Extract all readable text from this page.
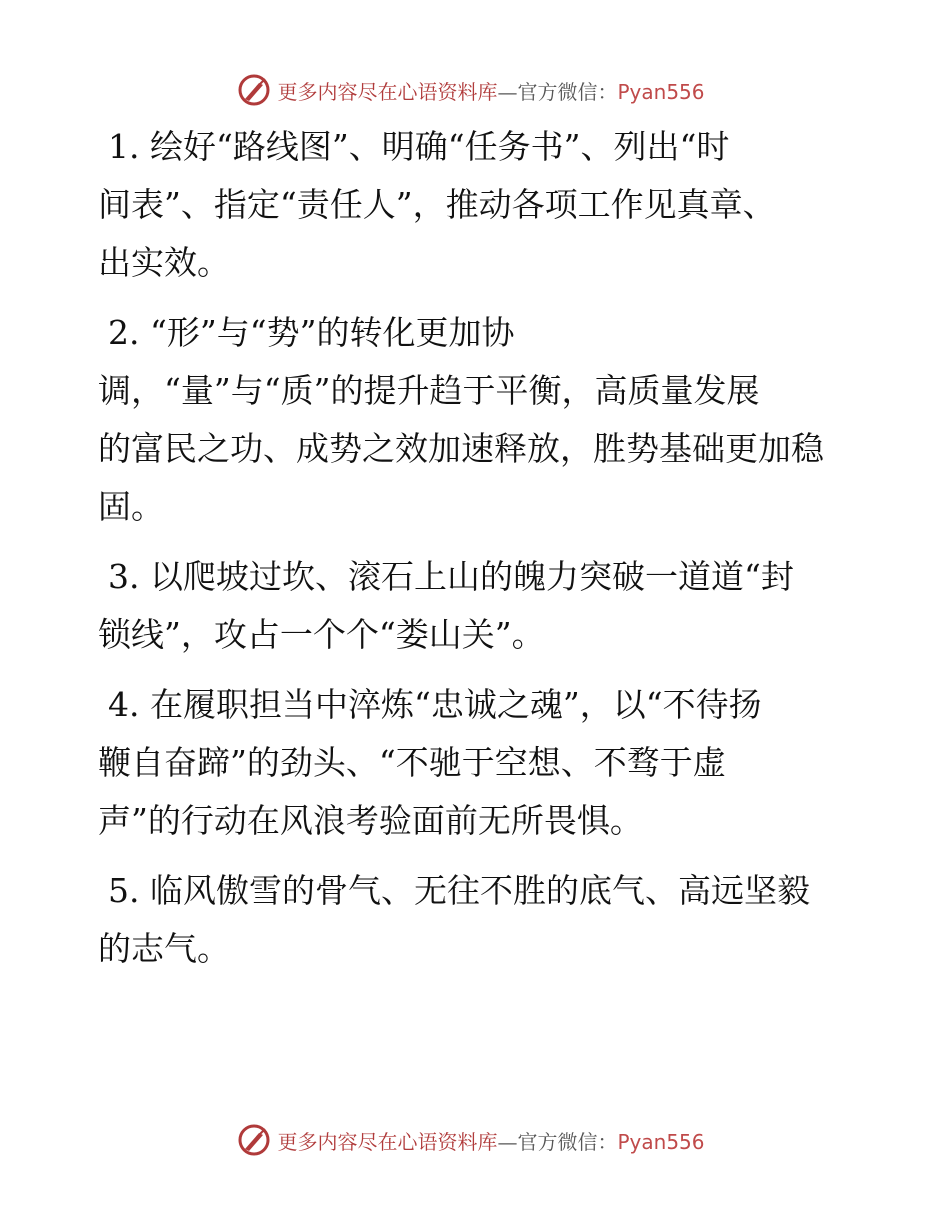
更多内容尽在心语资料库—官方微信：Pyan556

1. 绘好“路线图”、明确“任务书”、列出“时
间表”、指定“责任人”，推动各项工作见真章、
出实效。

2. “形”与“势”的转化更加协
调，“量”与“质”的提升趋于平衡，高质量发展
的富民之功、成势之效加速释放，胜势基础更加稳
固。

3. 以爬坡过坎、滚石上山的魄力突破一道道“封
锁线”，攻占一个个“娄山关”。

4. 在履职担当中淬炼“忠诚之魂”，以“不待扬
鞭自奋蹄”的劲头、“不驰于空想、不骛于虚
声”的行动在风浪考验面前无所畏惧。

5. 临风傲雪的骨气、无往不胜的底气、高远坚毅
的志气。

更多内容尽在心语资料库—官方微信：Pyan556
